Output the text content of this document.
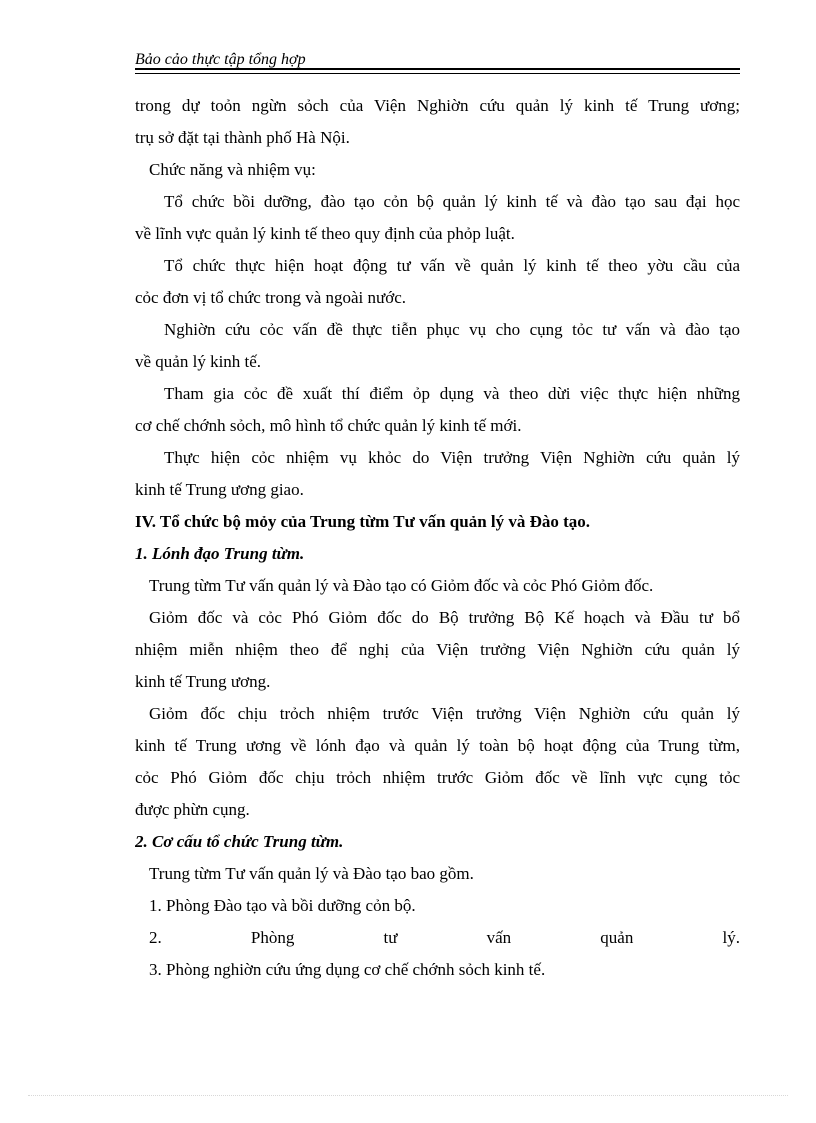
Bảo cảo thực tập tổng hợp
trong dự toỏn ngừn sỏch của Viện Nghiờn cứu quản lý kinh tế Trung ương;
trụ sở đặt tại thành phố Hà Nội.
Chức năng và nhiệm vụ:
Tổ chức bồi dưỡng, đào tạo cỏn bộ quản lý kinh tế và đào tạo sau đại học
về lĩnh vực quản lý kinh tế theo quy định của phỏp luật.
Tổ chức thực hiện hoạt động tư vấn về quản lý kinh tế theo yờu cầu của
cỏc đơn vị tổ chức trong và ngoài nước.
Nghiờn cứu cỏc vấn đề thực tiễn phục vụ cho cụng tỏc tư vấn và đào tạo
về quản lý kinh tế.
Tham gia cỏc đề xuất thí điểm ỏp dụng và theo dừi việc thực hiện những
cơ chế chớnh sỏch, mô hình tổ chức quản lý kinh tế mới.
Thực hiện cỏc nhiệm vụ khỏc do Viện trưởng Viện Nghiờn cứu quản lý
kinh tế Trung ương giao.
IV. Tổ chức bộ mỏy của Trung từm Tư vấn quản lý và Đào tạo.
1. Lónh đạo Trung từm.
Trung từm Tư vấn quản lý và Đào tạo có Giỏm đốc và cỏc Phó Giỏm đốc.
Giỏm đốc và cỏc Phó Giỏm đốc do Bộ trưởng Bộ Kế hoạch và Đầu tư bổ
nhiệm miễn nhiệm theo để nghị của Viện trưởng Viện Nghiờn cứu quản lý
kinh tế Trung ương.
Giỏm đốc chịu trỏch nhiệm trước Viện trưởng Viện Nghiờn cứu quản lý
kinh tế Trung ương về lónh đạo và quản lý toàn bộ hoạt động của Trung từm,
cỏc Phó Giỏm đốc chịu trỏch nhiệm trước Giỏm đốc về lĩnh vực cụng tỏc
được phừn cụng.
2. Cơ cấu tổ chức Trung từm.
Trung từm Tư vấn quản lý và Đào tạo bao gồm.
1. Phòng Đào tạo và bồi dưỡng cỏn bộ.
2. Phòng tư vấn quản lý.
3. Phòng nghiờn cứu ứng dụng cơ chế chớnh sỏch kinh tế.
